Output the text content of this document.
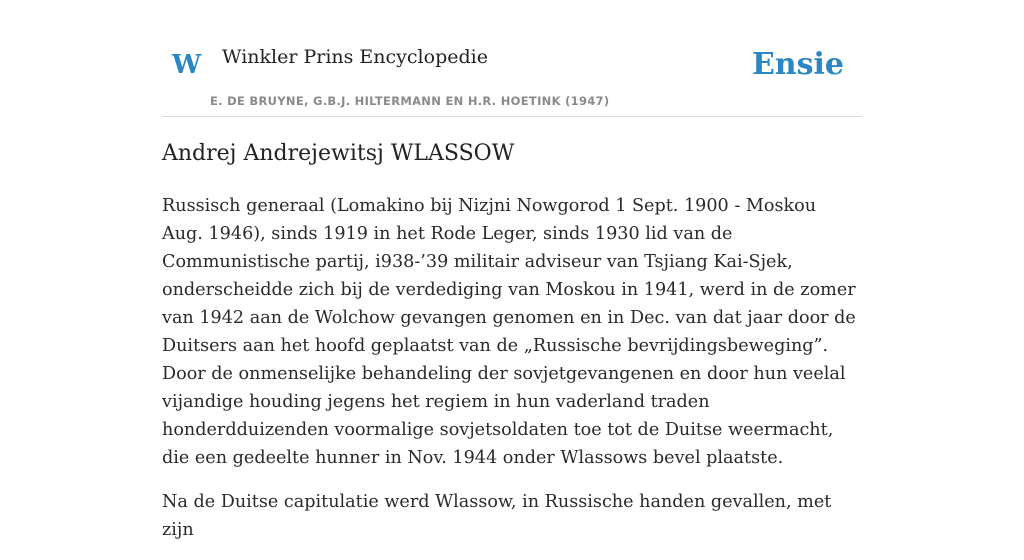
W Winkler Prins Encyclopedie
E. DE BRUYNE, G.B.J. HILTERMANN EN H.R. HOETINK (1947)
Ensie
Andrej Andrejewitsj WLASSOW

Russisch generaal (Lomakino bij Nizjni Nowgorod 1 Sept. 1900 - Moskou Aug. 1946), sinds 1919 in het Rode Leger, sinds 1930 lid van de Communistische partij, i938-’39 militair adviseur van Tsjiang Kai-Sjek, onderscheidde zich bij de verdediging van Moskou in 1941, werd in de zomer van 1942 aan de Wolchow gevangen genomen en in Dec. van dat jaar door de Duitsers aan het hoofd geplaatst van de „Russische bevrijdingsbeweging”. Door de onmenselijke behandeling der sovjetgevangenen en door hun veelal vijandige houding jegens het regiem in hun vaderland traden honderdduizenden voormalige sovjetsoldaten toe tot de Duitse weermacht, die een gedeelte hunner in Nov. 1944 onder Wlassows bevel plaatste.

Na de Duitse capitulatie werd Wlassow, in Russische handen gevallen, met zijn
